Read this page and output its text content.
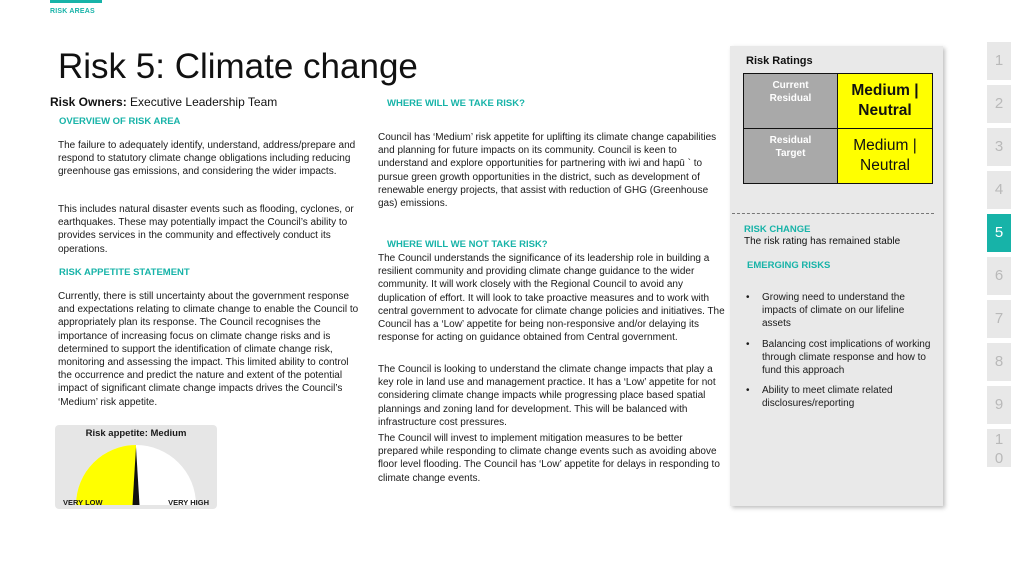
RISK AREAS
Risk 5: Climate change
Risk Owners: Executive Leadership Team
OVERVIEW OF RISK AREA
The failure to adequately identify, understand, address/prepare and respond to statutory climate change obligations including reducing greenhouse gas emissions, and considering the wider impacts.
This includes natural disaster events such as flooding, cyclones, or earthquakes. These may potentially impact the Council’s ability to provides services in the community and effectively conduct its operations.
RISK APPETITE STATEMENT
Currently, there is still uncertainty about the government response and expectations relating to climate change to enable the Council to appropriately plan its response. The Council recognises the importance of increasing focus on climate change risks and is determined to support the identification of climate change risk, monitoring and assessing the impact. This limited ability to control the occurrence and predict the nature and extent of the potential impact of significant climate change impacts drives the Council’s ‘Medium’ risk appetite.
Risk appetite: Medium
VERY LOW	VERY HIGH
WHERE WILL WE TAKE RISK?
Council has ‘Medium’ risk appetite for uplifting its climate change capabilities and planning for future impacts on its community. Council is keen to understand and explore opportunities for partnering with iwi and hapū ` to pursue green growth opportunities in the district, such as development of renewable energy projects, that assist with reduction of GHG (Greenhouse gas) emissions.
WHERE WILL WE NOT TAKE RISK?
The Council understands the significance of its leadership role in building a resilient community and providing climate change guidance to the wider community. It will work closely with the Regional Council to avoid any duplication of effort. It will look to take proactive measures and to work with central government to advocate for climate change policies and initiatives. The Council has a ‘Low’ appetite for being non-responsive and/or delaying its response for acting on guidance obtained from Central government.
The Council is looking to understand the climate change impacts that play a key role in land use and management practice. It has a ‘Low’ appetite for not considering climate change impacts while progressing place based spatial plannings and zoning land for development. This will be balanced with infrastructure cost pressures.
The Council will invest to implement mitigation measures to be better prepared while responding to climate change events such as avoiding above floor level flooding. The Council has ‘Low’ appetite for delays in responding to climate change events.
Risk Ratings
Current
Residual	Medium |
Neutral

Residual
Target	Medium |
Neutral
RISK CHANGE
The risk rating has remained stable
EMERGING RISKS
• Growing need to understand the impacts of climate on our lifeline assets
• Balancing cost implications of working through climate response and how to fund this approach
• Ability to meet climate related disclosures/reporting
1
2
3
4
5
6
7
8
9
1
0
